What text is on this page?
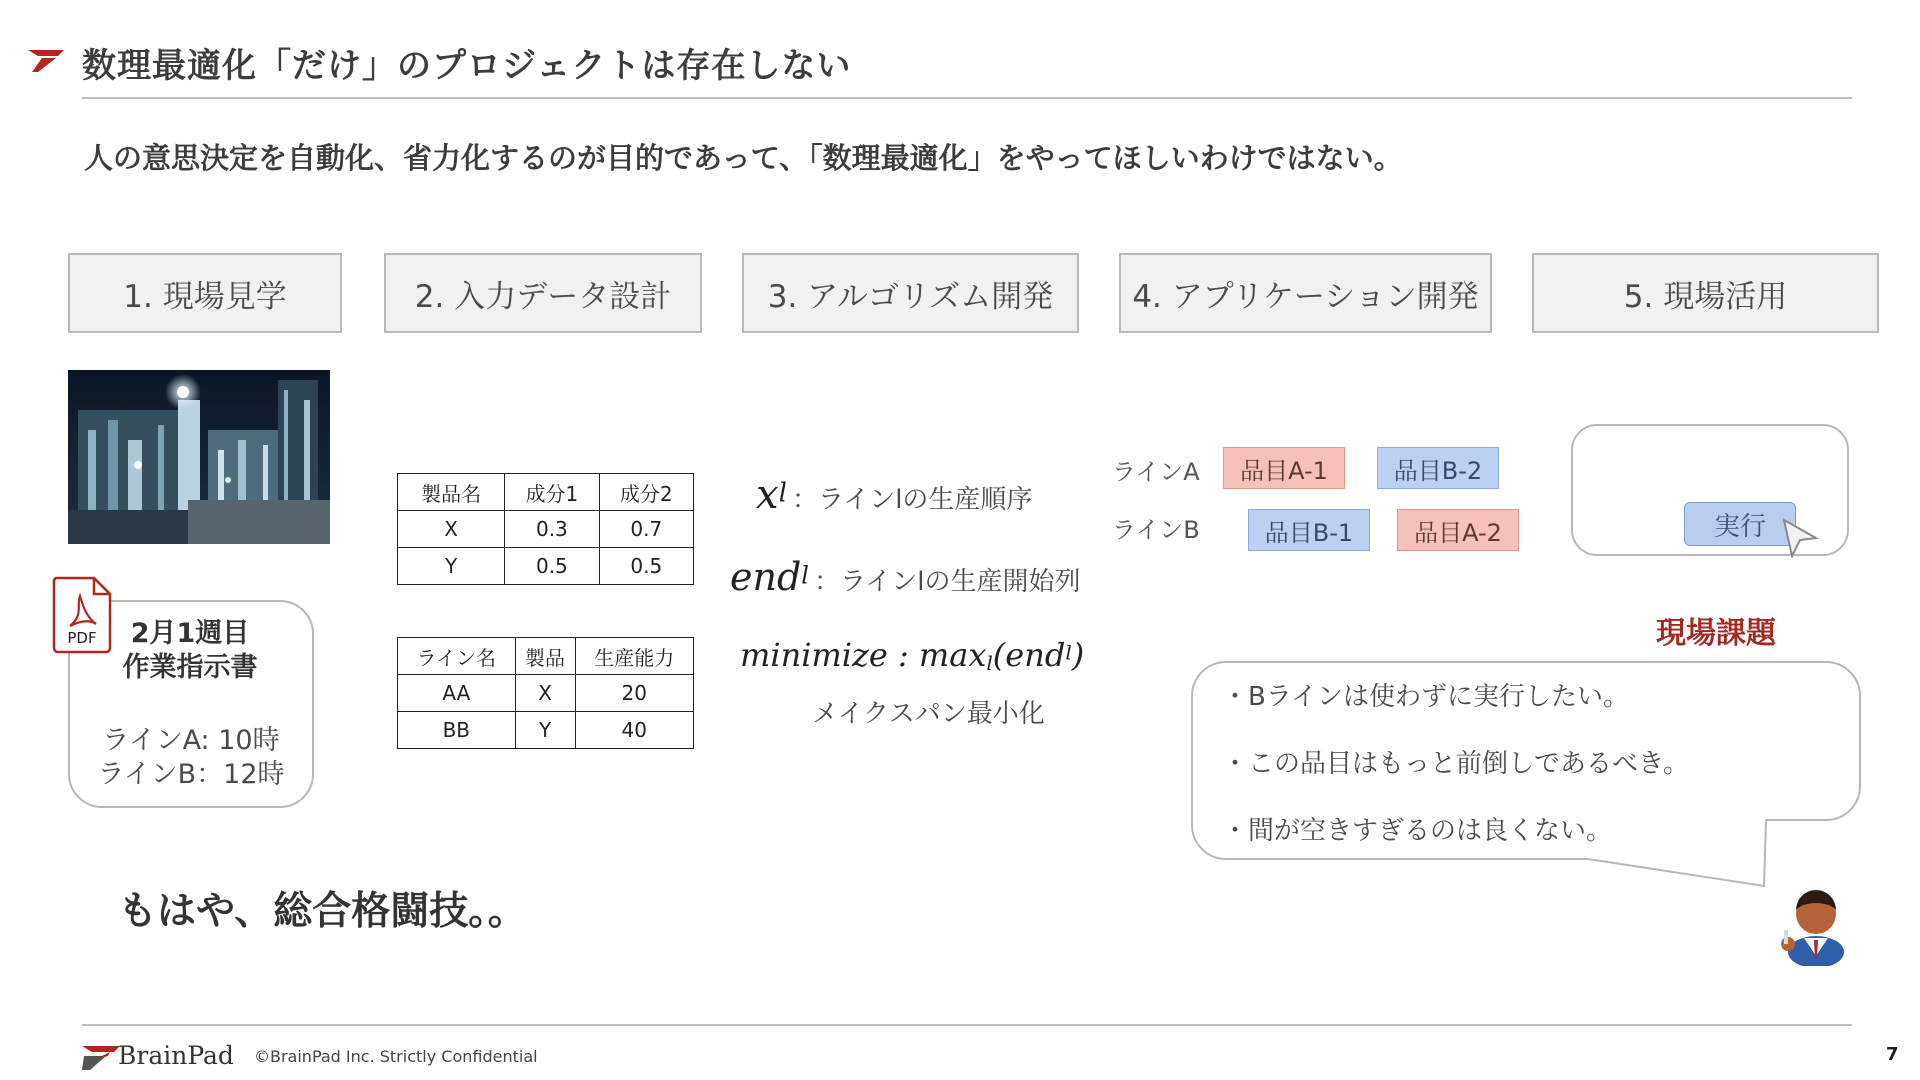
数理最適化「だけ」のプロジェクトは存在しない
人の意思決定を自動化、省力化するのが目的であって、「数理最適化」をやってほしいわけではない。
1. 現場見学	2. 入力データ設計	3. アルゴリズム開発	4. アプリケーション開発	5. 現場活用
PDF	2月1週目
作業指示書
ラインA: 10時
ラインB：12時
製品名	成分1	成分2
X	0.3	0.7
Y	0.5	0.5
ライン名	製品	生産能力
AA	X	20
BB	Y	40
$x^l$ ：ラインlの生産順序
end$^l$ ：ラインlの生産開始列
minimize : $\max_l(end^l)$
メイクスパン最小化
ラインA
ラインB
品目A-1	品目B-2
品目B-1	品目A-2	実行
現場課題
・Bラインは使わずに実行したい。
・この品目はもっと前倒しであるべき。
・間が空きすぎるのは良くない。
もはや、総合格闘技。。
BrainPad ©BrainPad Inc. Strictly Confidential	7
